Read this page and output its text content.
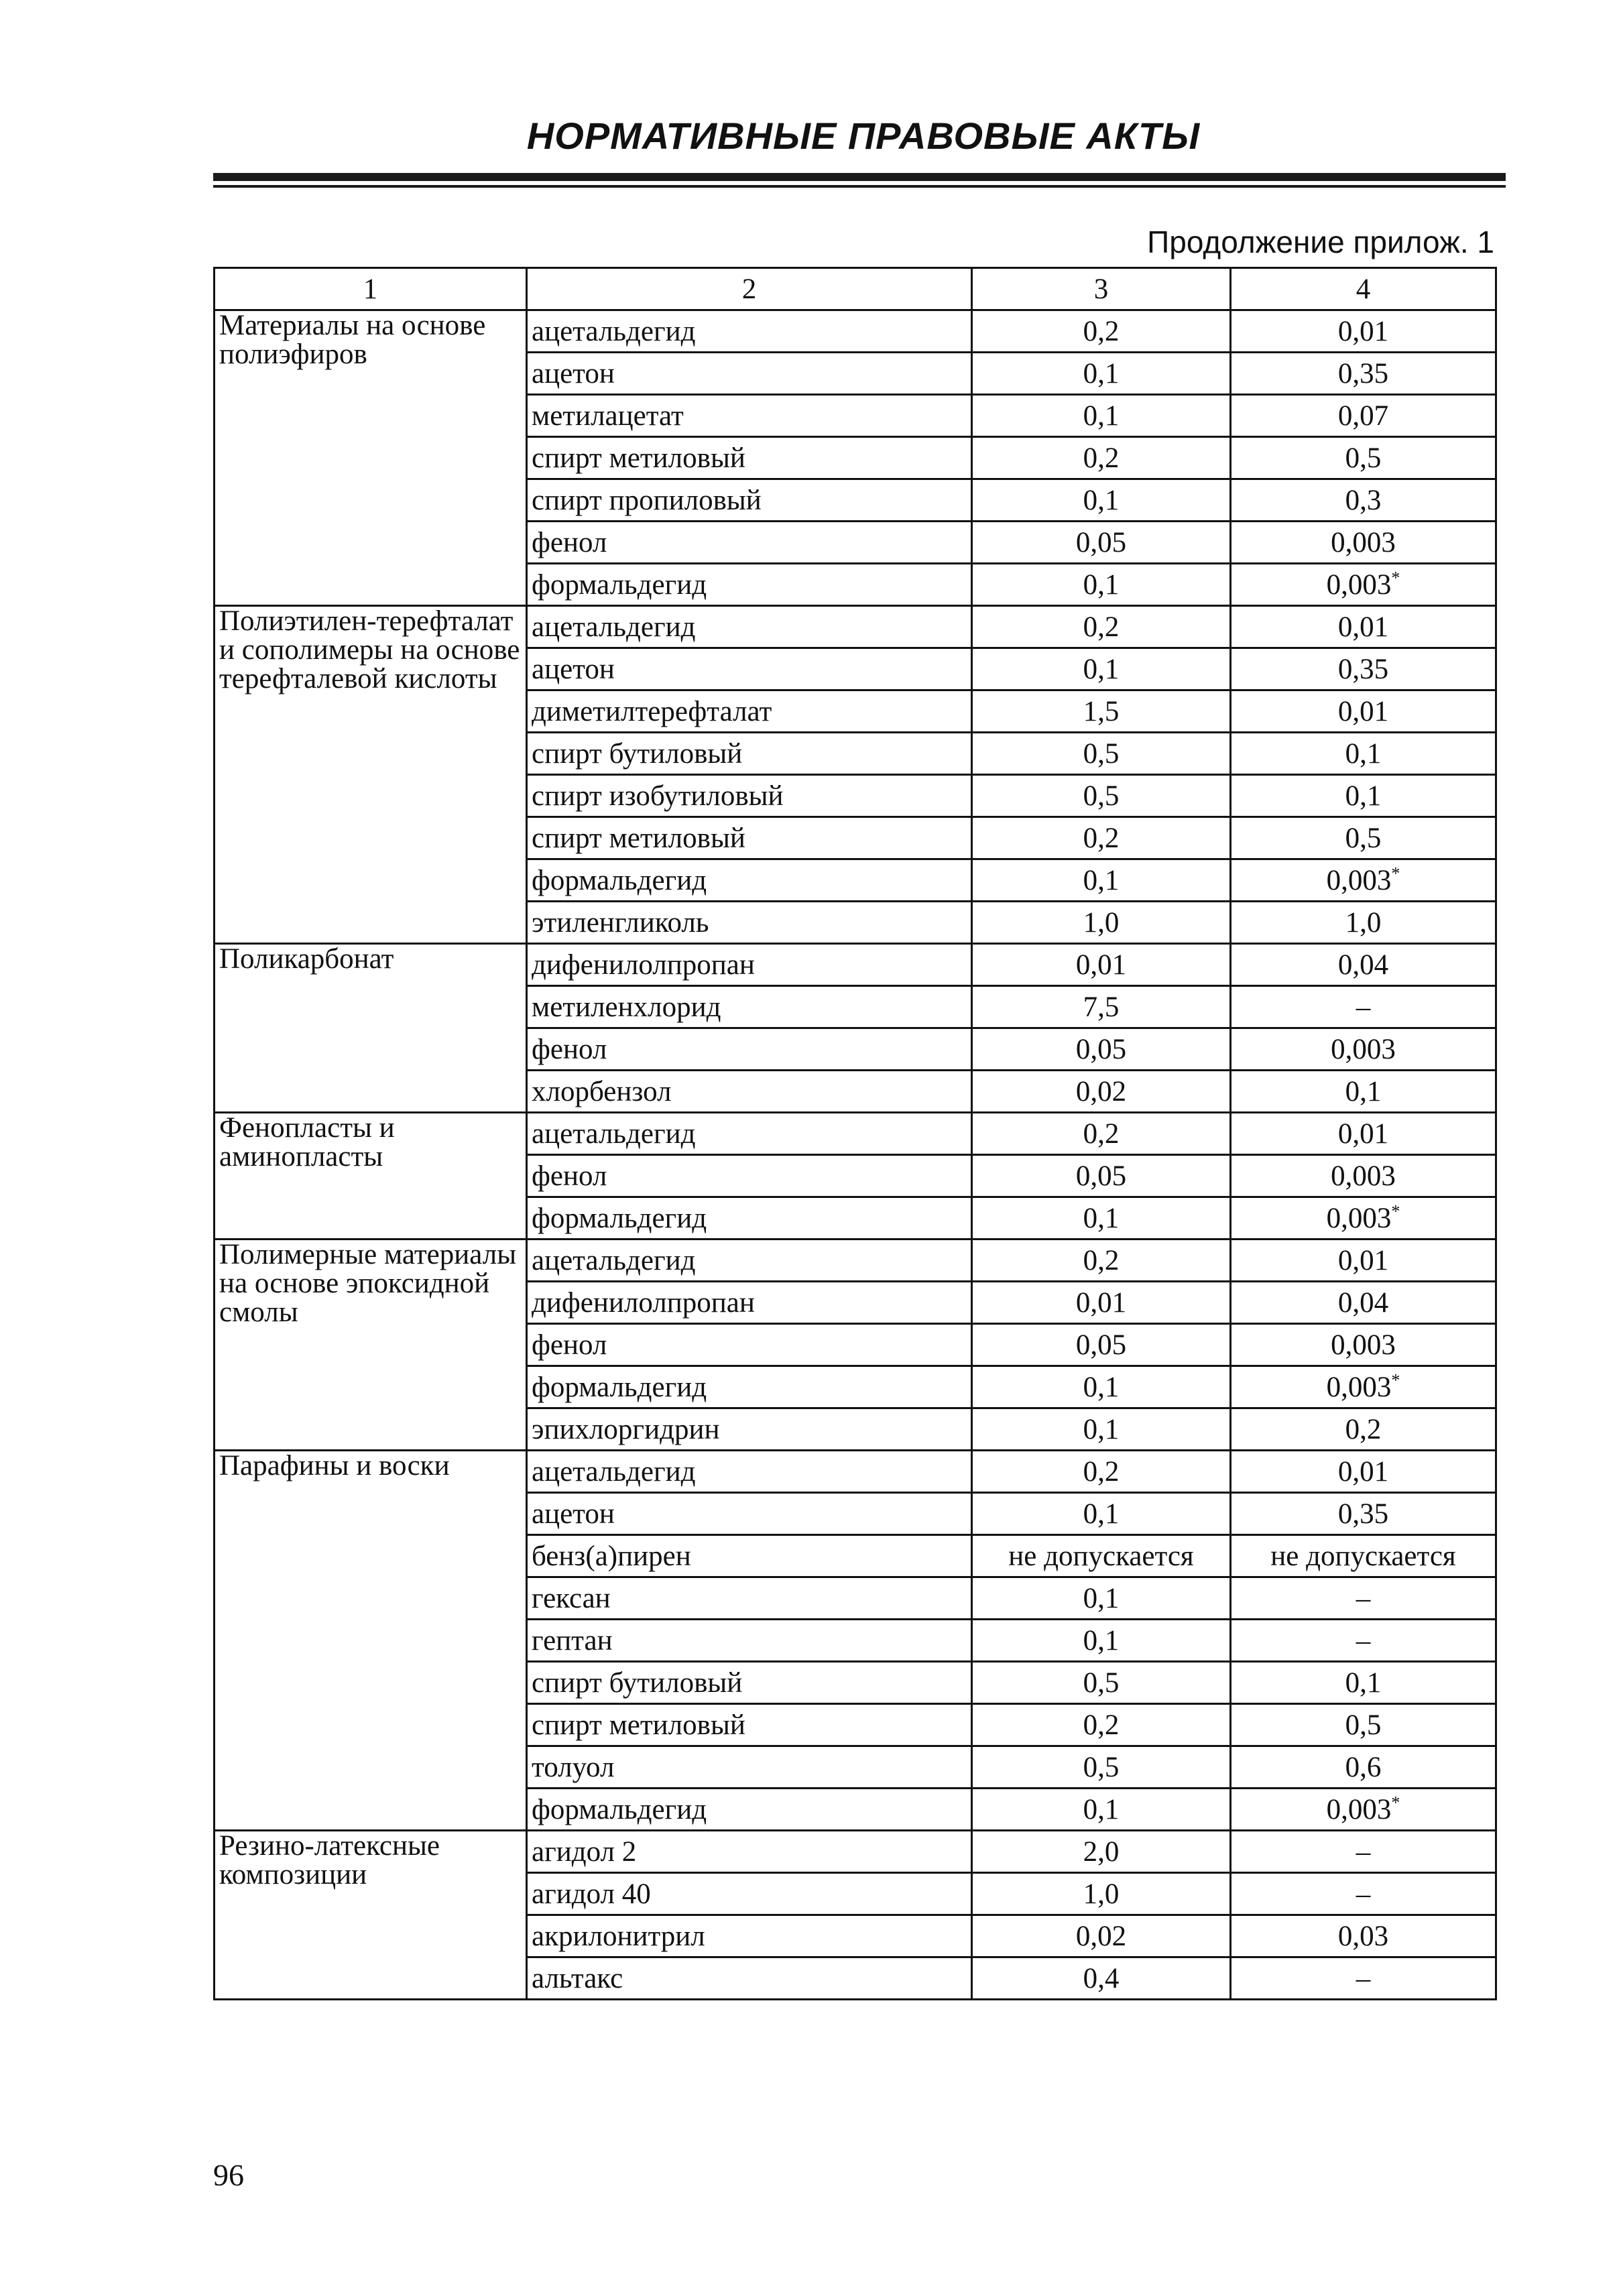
НОРМАТИВНЫЕ ПРАВОВЫЕ АКТЫ
Продолжение прилож. 1
1	2	3	4
Материалы на основе полиэфиров	ацетальдегид	0,2	0,01
	ацетон	0,1	0,35
	метилацетат	0,1	0,07
	спирт метиловый	0,2	0,5
	спирт пропиловый	0,1	0,3
	фенол	0,05	0,003
	формальдегид	0,1	0,003*
Полиэтилен-терефталат и сополимеры на основе терефталевой кислоты	ацетальдегид	0,2	0,01
	ацетон	0,1	0,35
	диметилтерефталат	1,5	0,01
	спирт бутиловый	0,5	0,1
	спирт изобутиловый	0,5	0,1
	спирт метиловый	0,2	0,5
	формальдегид	0,1	0,003*
	этиленгликоль	1,0	1,0
Поликарбонат	дифенилолпропан	0,01	0,04
	метиленхлорид	7,5	–
	фенол	0,05	0,003
	хлорбензол	0,02	0,1
Фенопласты и аминопласты	ацетальдегид	0,2	0,01
	фенол	0,05	0,003
	формальдегид	0,1	0,003*
Полимерные материалы на основе эпоксидной смолы	ацетальдегид	0,2	0,01
	дифенилолпропан	0,01	0,04
	фенол	0,05	0,003
	формальдегид	0,1	0,003*
	эпихлоргидрин	0,1	0,2
Парафины и воски	ацетальдегид	0,2	0,01
	ацетон	0,1	0,35
	бенз(а)пирен	не допускается	не допускается
	гексан	0,1	–
	гептан	0,1	–
	спирт бутиловый	0,5	0,1
	спирт метиловый	0,2	0,5
	толуол	0,5	0,6
	формальдегид	0,1	0,003*
Резино-латексные композиции	агидол 2	2,0	–
	агидол 40	1,0	–
	акрилонитрил	0,02	0,03
	альтакс	0,4	–
96
